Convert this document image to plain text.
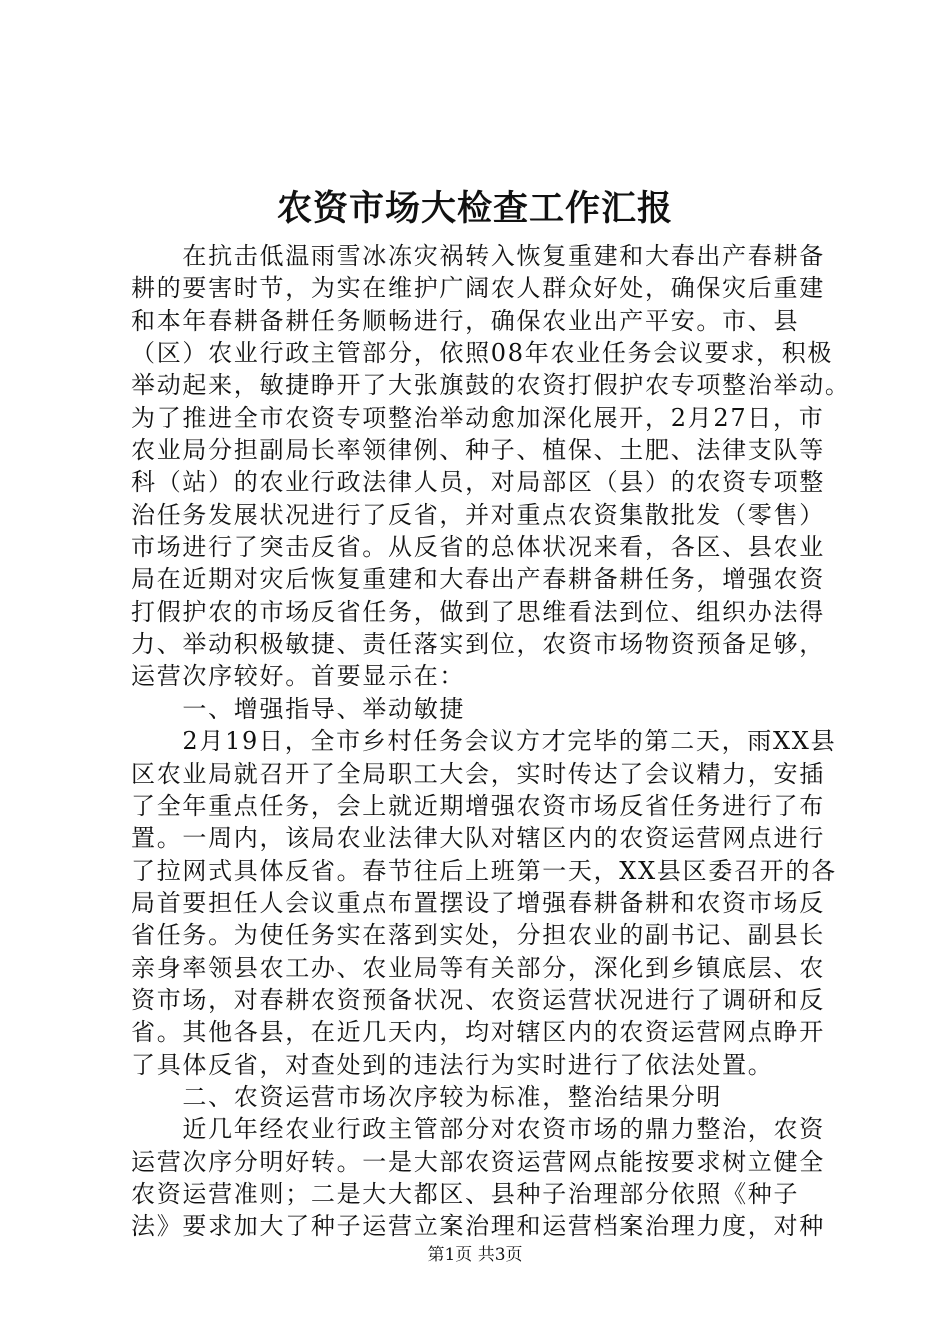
农资市场大检查工作汇报

　　在抗击低温雨雪冰冻灾祸转入恢复重建和大春出产春耕备
耕的要害时节，为实在维护广阔农人群众好处，确保灾后重建
和本年春耕备耕任务顺畅进行，确保农业出产平安。市、县
（区）农业行政主管部分，依照08年农业任务会议要求，积极
举动起来，敏捷睁开了大张旗鼓的农资打假护农专项整治举动。
为了推进全市农资专项整治举动愈加深化展开，2月27日，市
农业局分担副局长率领律例、种子、植保、土肥、法律支队等
科（站）的农业行政法律人员，对局部区（县）的农资专项整
治任务发展状况进行了反省，并对重点农资集散批发（零售）
市场进行了突击反省。从反省的总体状况来看，各区、县农业
局在近期对灾后恢复重建和大春出产春耕备耕任务，增强农资
打假护农的市场反省任务，做到了思维看法到位、组织办法得
力、举动积极敏捷、责任落实到位，农资市场物资预备足够，
运营次序较好。首要显示在：

　　一、增强指导、举动敏捷

　　2月19日，全市乡村任务会议方才完毕的第二天，雨XX县
区农业局就召开了全局职工大会，实时传达了会议精力，安插
了全年重点任务，会上就近期增强农资市场反省任务进行了布
置。一周内，该局农业法律大队对辖区内的农资运营网点进行
了拉网式具体反省。春节往后上班第一天，XX县区委召开的各
局首要担任人会议重点布置摆设了增强春耕备耕和农资市场反
省任务。为使任务实在落到实处，分担农业的副书记、副县长
亲身率领县农工办、农业局等有关部分，深化到乡镇底层、农
资市场，对春耕农资预备状况、农资运营状况进行了调研和反
省。其他各县，在近几天内，均对辖区内的农资运营网点睁开
了具体反省，对查处到的违法行为实时进行了依法处置。

　　二、农资运营市场次序较为标准，整治结果分明

　　近几年经农业行政主管部分对农资市场的鼎力整治，农资
运营次序分明好转。一是大部农资运营网点能按要求树立健全
农资运营准则；二是大大都区、县种子治理部分依照《种子
法》要求加大了种子运营立案治理和运营档案治理力度，对种

第1页 共3页
